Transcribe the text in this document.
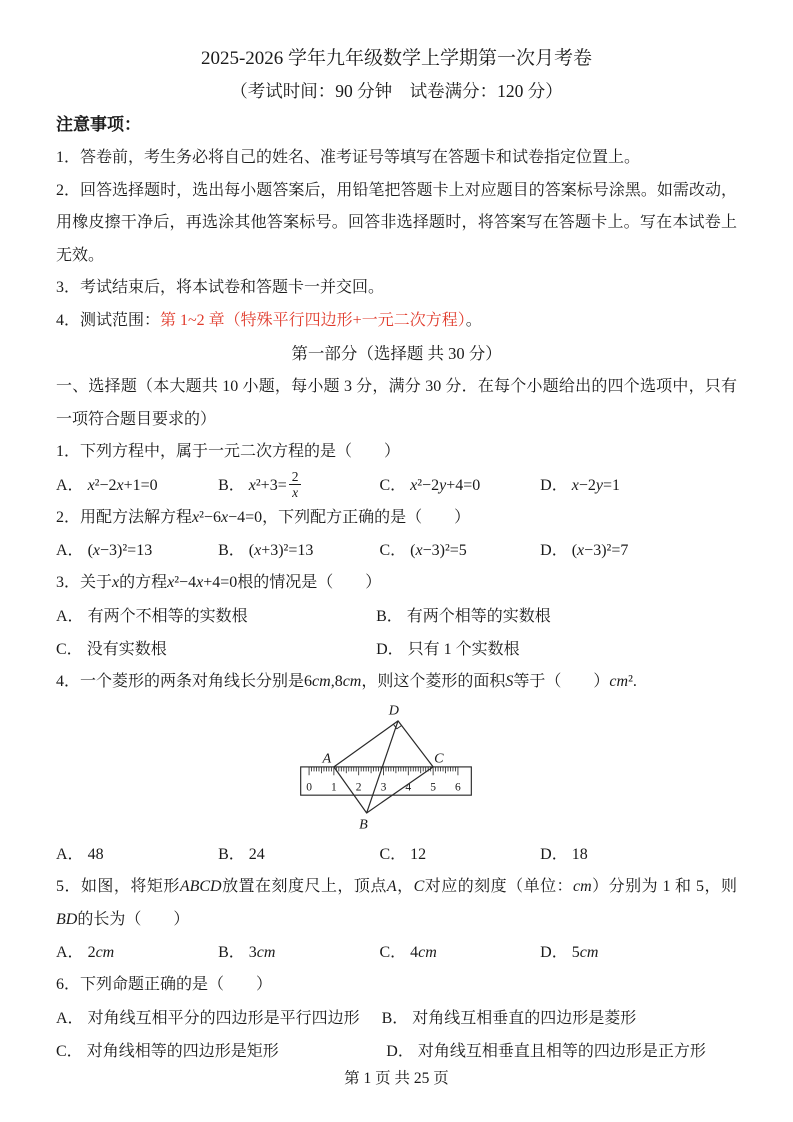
2025-2026 学年九年级数学上学期第一次月考卷

（考试时间：90 分钟　试卷满分：120 分）

注意事项：

1．答卷前，考生务必将自己的姓名、准考证号等填写在答题卡和试卷指定位置上。

2．回答选择题时，选出每小题答案后，用铅笔把答题卡上对应题目的答案标号涂黑。如需改动，用橡皮擦干净后，再选涂其他答案标号。回答非选择题时，将答案写在答题卡上。写在本试卷上无效。

3．考试结束后，将本试卷和答题卡一并交回。

4．测试范围：第 1~2 章（特殊平行四边形+一元二次方程）。

第一部分（选择题 共 30 分）

一、选择题（本大题共 10 小题，每小题 3 分，满分 30 分．在每个小题给出的四个选项中，只有一项符合题目要求的）

1．下列方程中，属于一元二次方程的是（　　）

A． x²−2x+1=0	B． $x^2+3= \frac{2}{x}$	C． x²−2y+4=0	D． x−2y=1

2．用配方法解方程x²−6x−4=0，下列配方正确的是（　　）

A． (x−3)²=13	B． (x+3)²=13	C． (x−3)²=5	D． (x−3)²=7

3．关于x的方程x²−4x+4=0根的情况是（　　）

A． 有两个不相等的实数根	B． 有两个相等的实数根
C． 没有实数根	D． 只有 1 个实数根

4．一个菱形的两条对角线长分别是6cm,8cm，则这个菱形的面积S等于（　　）cm².

0 1 2 3 4 5 6
A	C
D
B
A． 48	B． 24	C． 12	D． 18

5．如图，将矩形ABCD放置在刻度尺上，顶点A，C对应的刻度（单位：cm）分别为 1 和 5，则BD的长为（　　）

A． 2cm	B． 3cm	C． 4cm	D． 5cm

6．下列命题正确的是（　　）

A． 对角线互相平分的四边形是平行四边形 B． 对角线互相垂直的四边形是菱形
C． 对角线相等的四边形是矩形	D． 对角线互相垂直且相等的四边形是正方形

第 1 页 共 25 页
